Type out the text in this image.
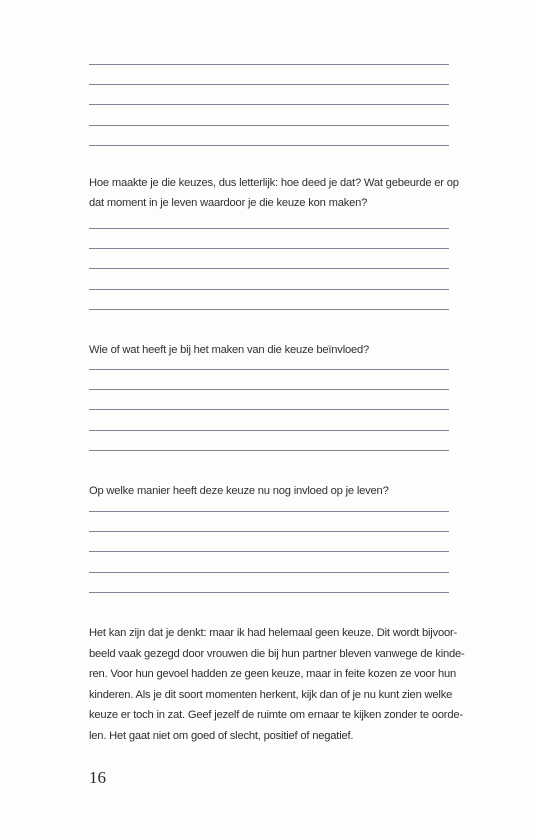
Hoe maakte je die keuzes, dus letterlijk: hoe deed je dat? Wat gebeurde er op
dat moment in je leven waardoor je die keuze kon maken?

Wie of wat heeft je bij het maken van die keuze beïnvloed?

Op welke manier heeft deze keuze nu nog invloed op je leven?

Het kan zijn dat je denkt: maar ik had helemaal geen keuze. Dit wordt bijvoor-
beeld vaak gezegd door vrouwen die bij hun partner bleven vanwege de kinde-
ren. Voor hun gevoel hadden ze geen keuze, maar in feite kozen ze voor hun
kinderen. Als je dit soort momenten herkent, kijk dan of je nu kunt zien welke
keuze er toch in zat. Geef jezelf de ruimte om ernaar te kijken zonder te oorde-
len. Het gaat niet om goed of slecht, positief of negatief.

16
